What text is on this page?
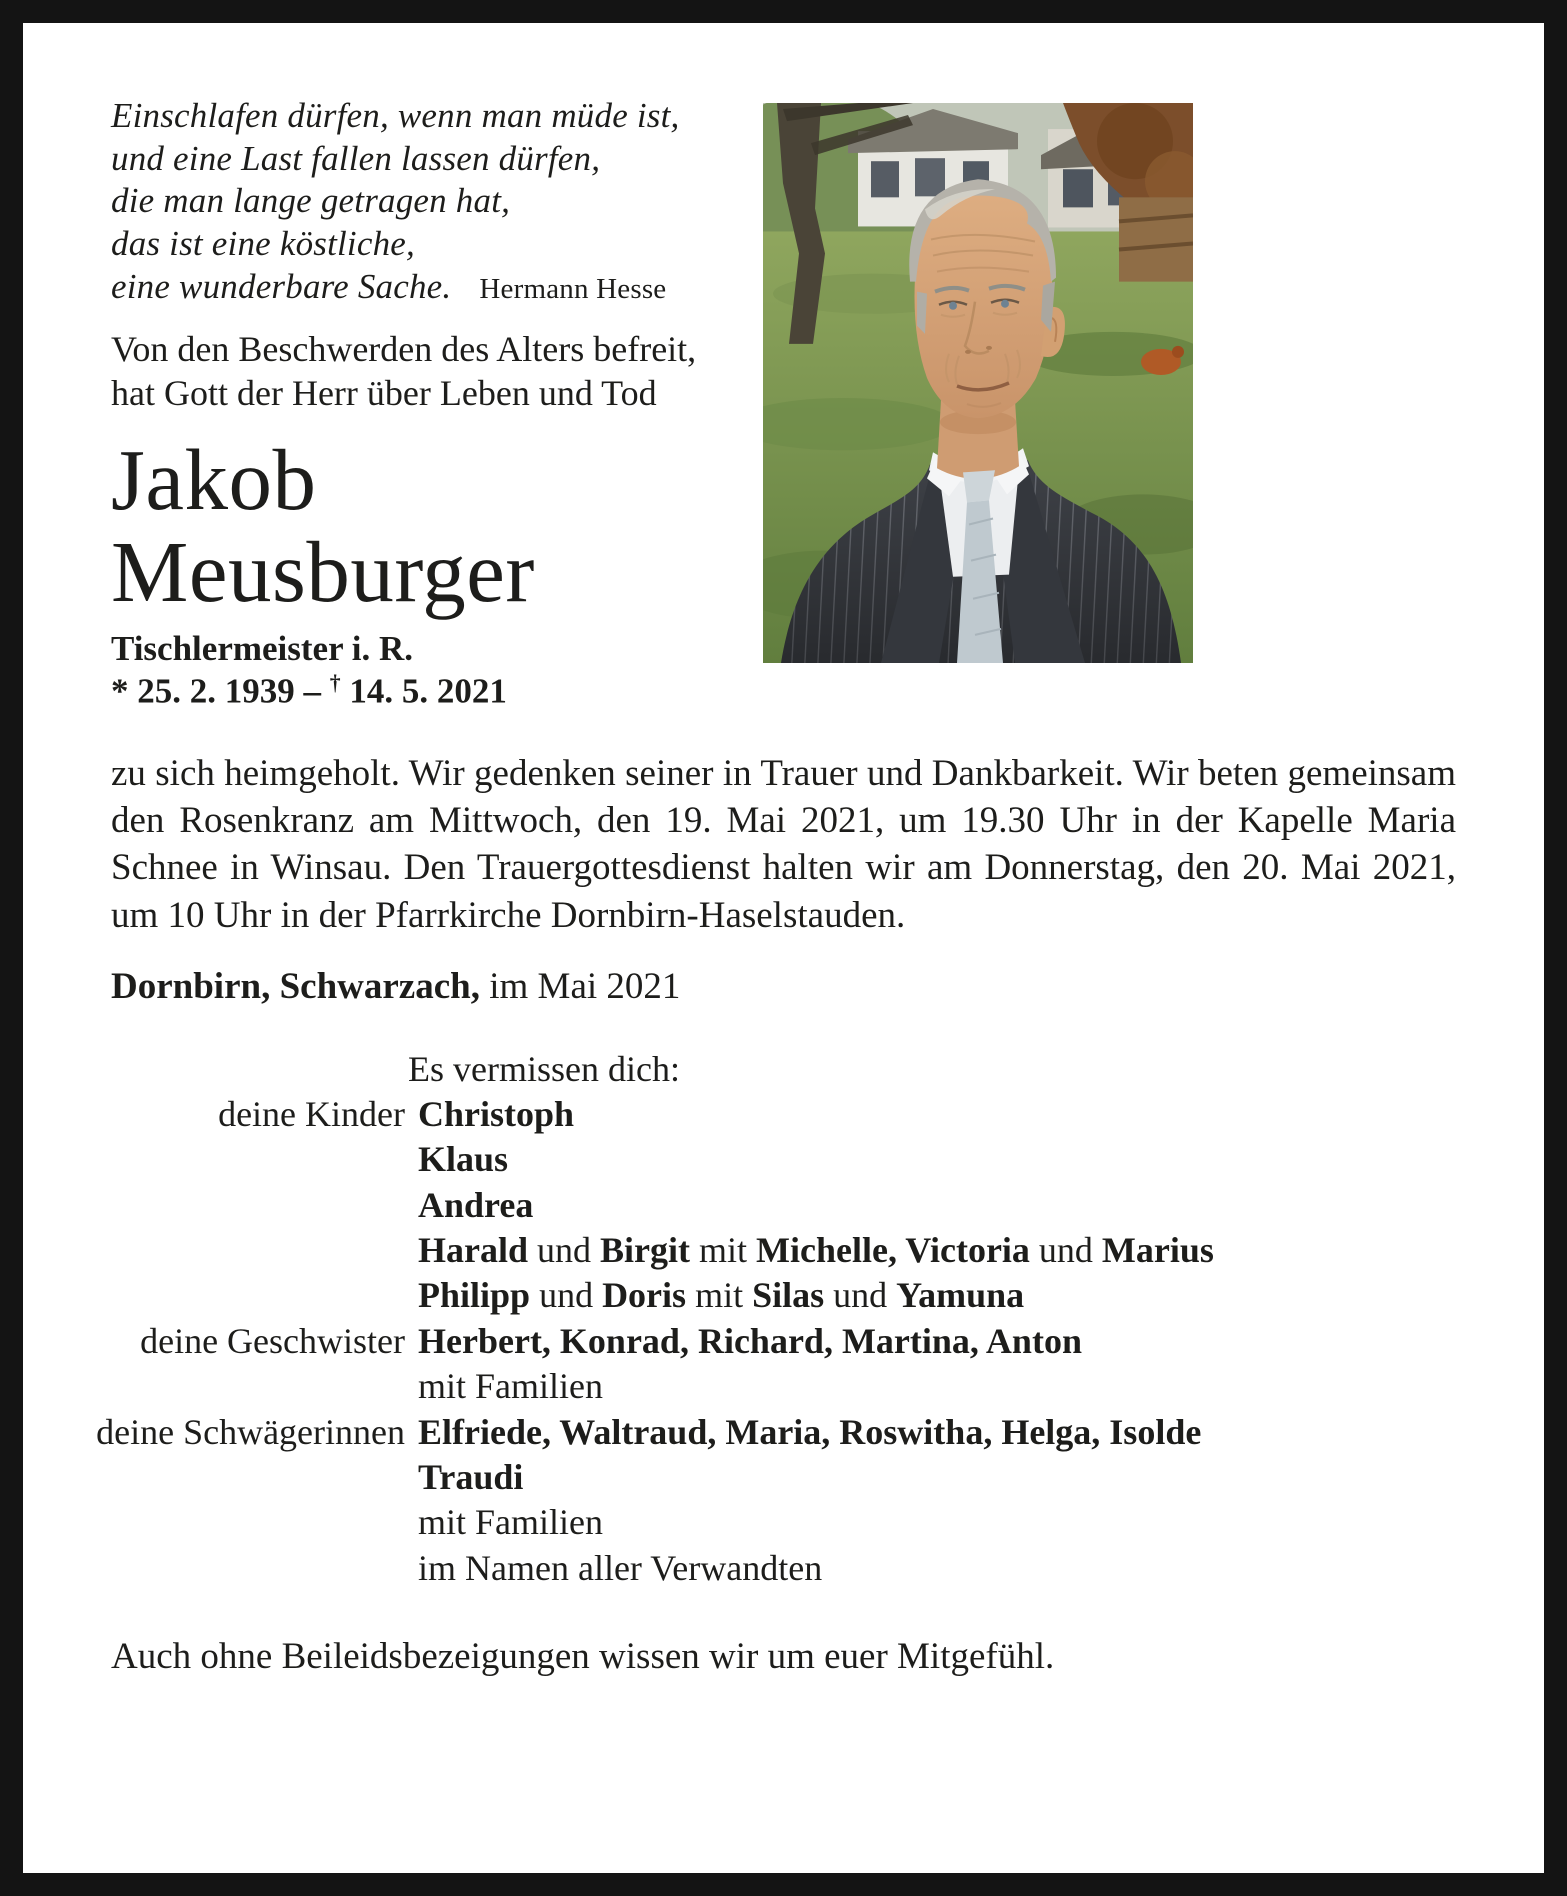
Einschlafen dürfen, wenn man müde ist,
und eine Last fallen lassen dürfen,
die man lange getragen hat,
das ist eine köstliche,
eine wunderbare Sache. Hermann Hesse
Von den Beschwerden des Alters befreit,
hat Gott der Herr über Leben und Tod
Jakob
Meusburger
Tischlermeister i. R.
* 25. 2. 1939 – † 14. 5. 2021

zu sich heimgeholt. Wir gedenken seiner in Trauer und Dankbarkeit. Wir beten gemeinsam den Rosenkranz am Mittwoch, den 19. Mai 2021, um 19.30 Uhr in der Kapelle Maria Schnee in Winsau. Den Trauergottesdienst halten wir am Donnerstag, den 20. Mai 2021, um 10 Uhr in der Pfarrkirche Dornbirn-Haselstauden.

Dornbirn, Schwarzach, im Mai 2021

Es vermissen dich:
deine Kinder Christoph
Klaus
Andrea
Harald und Birgit mit Michelle, Victoria und Marius
Philipp und Doris mit Silas und Yamuna
deine Geschwister Herbert, Konrad, Richard, Martina, Anton
mit Familien
deine Schwägerinnen Elfriede, Waltraud, Maria, Roswitha, Helga, Isolde
Traudi
mit Familien
im Namen aller Verwandten

Auch ohne Beileidsbezeigungen wissen wir um euer Mitgefühl.
